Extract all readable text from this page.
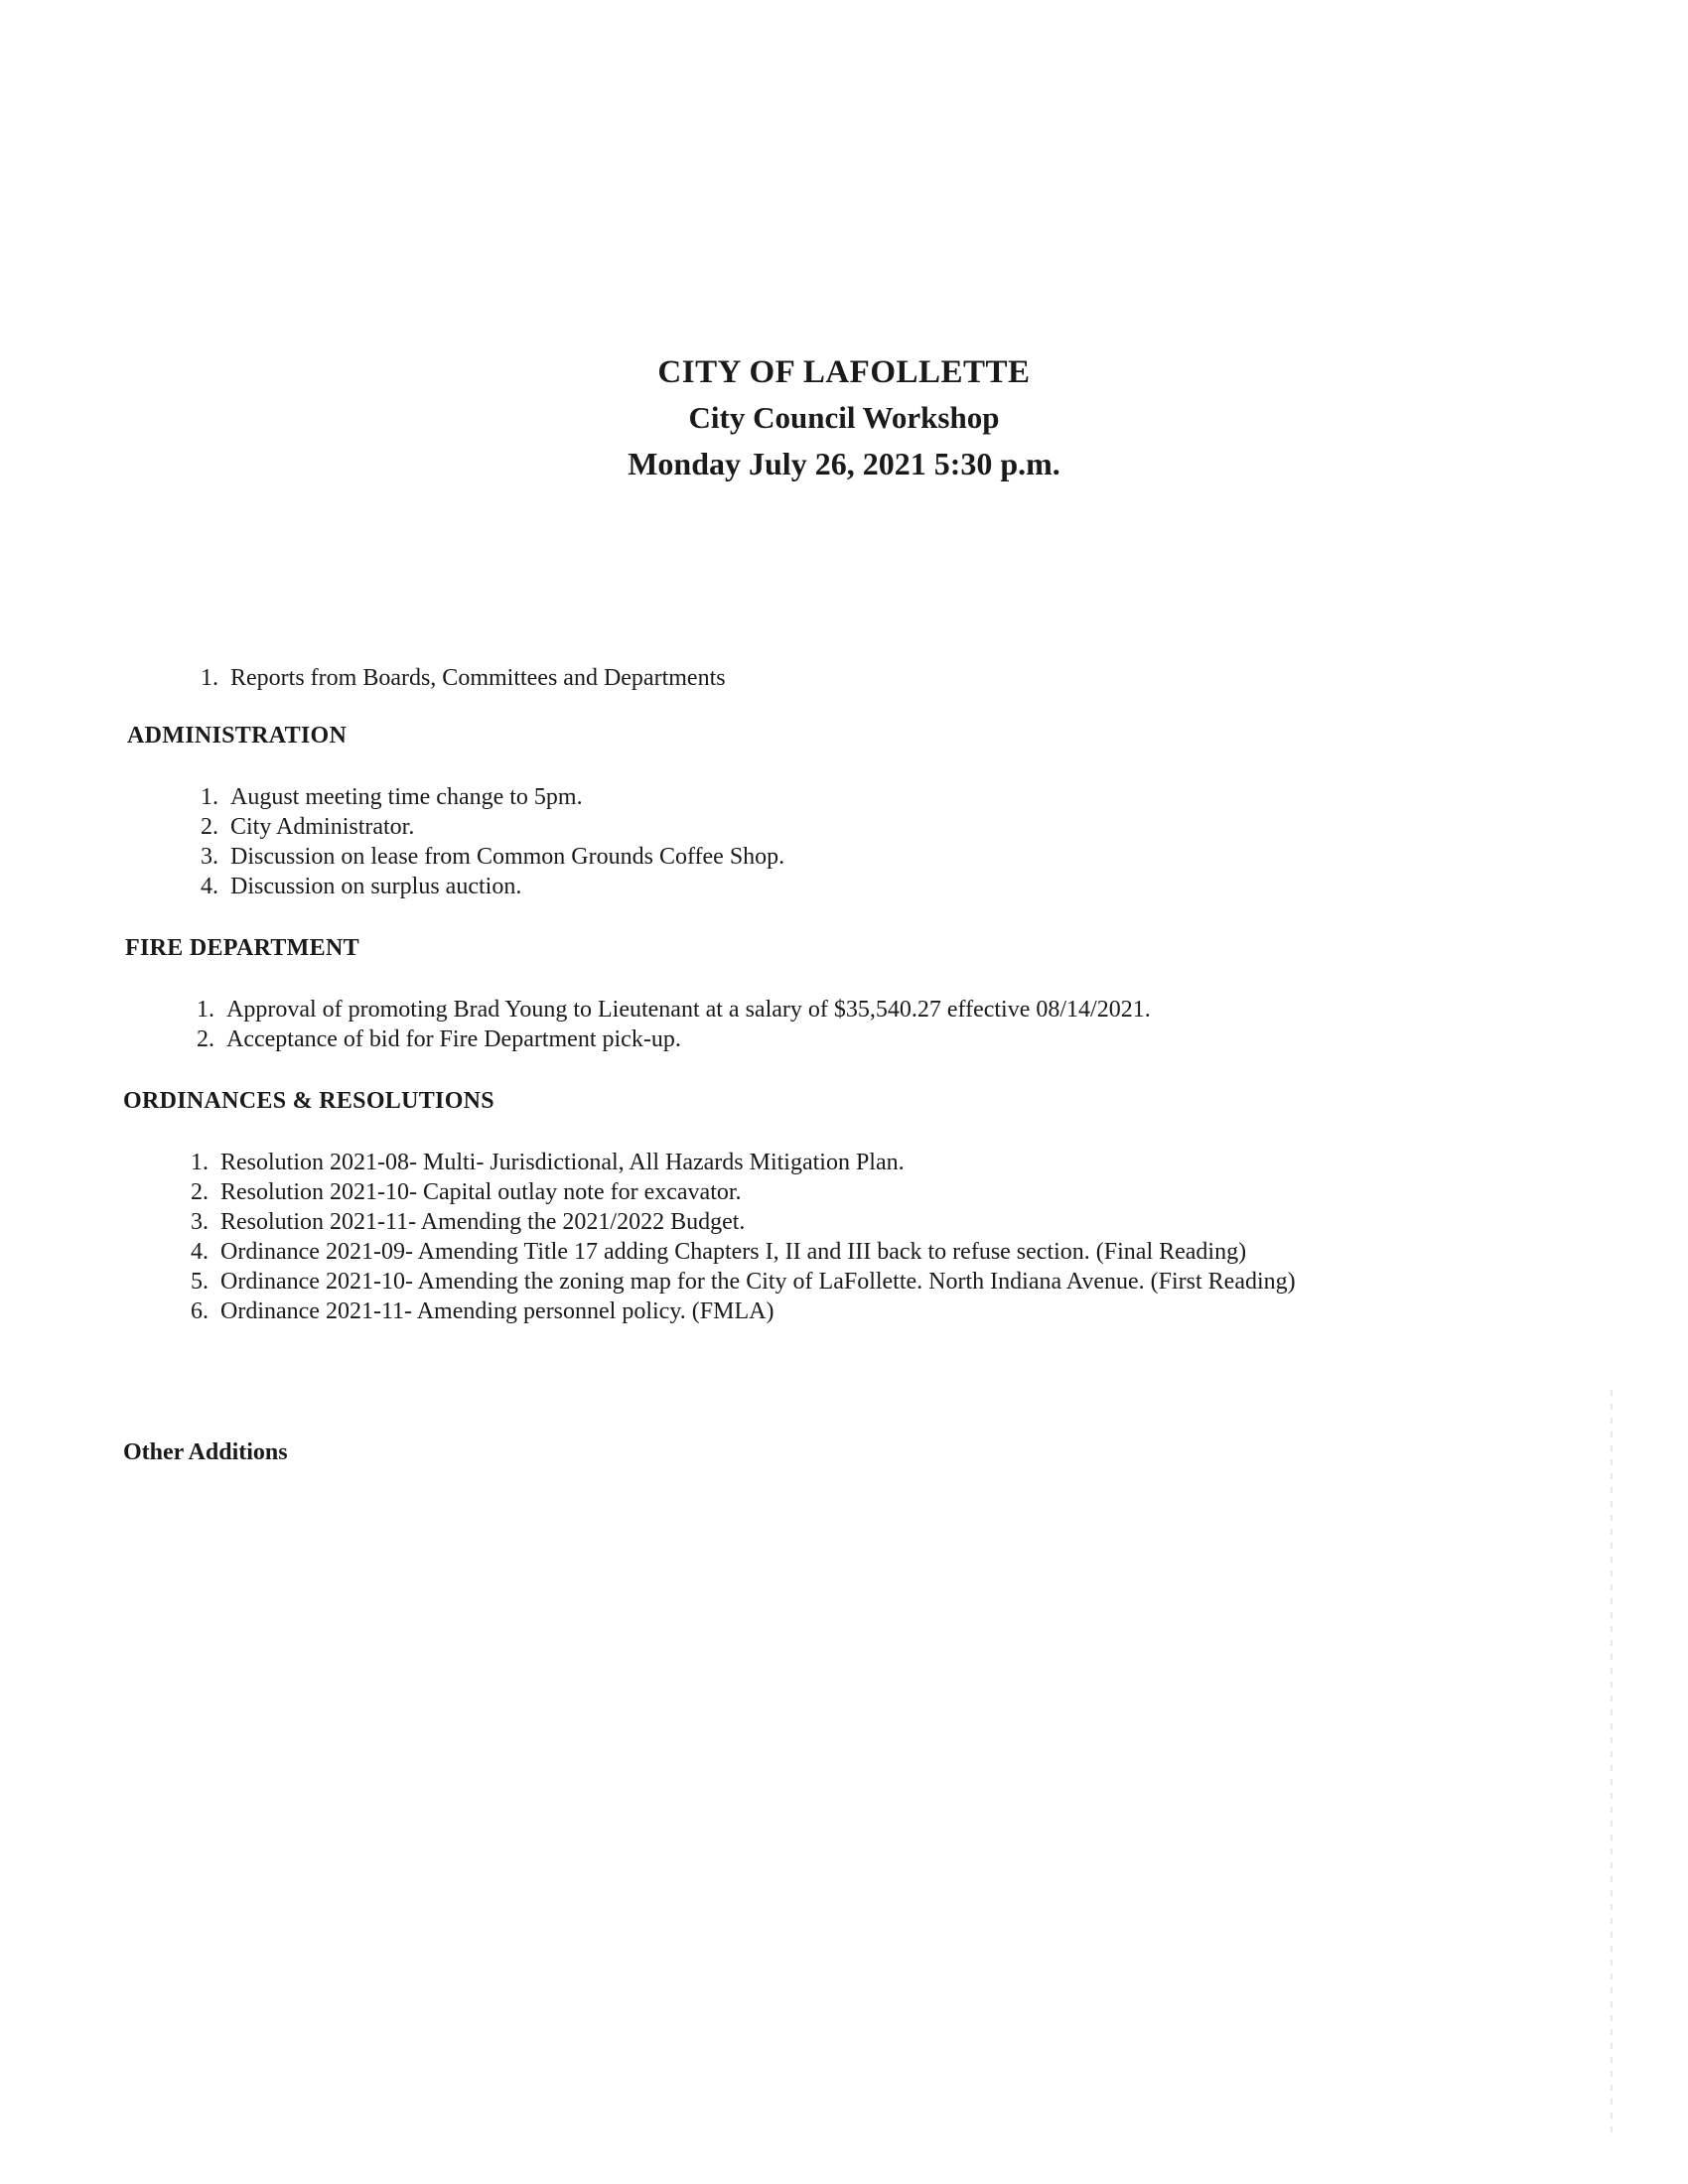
CITY OF LAFOLLETTE
City Council Workshop
Monday July 26, 2021 5:30 p.m.
1. Reports from Boards, Committees and Departments
ADMINISTRATION
1. August meeting time change to 5pm.
2. City Administrator.
3. Discussion on lease from Common Grounds Coffee Shop.
4. Discussion on surplus auction.
FIRE DEPARTMENT
1. Approval of promoting Brad Young to Lieutenant at a salary of $35,540.27 effective 08/14/2021.
2. Acceptance of bid for Fire Department pick-up.
ORDINANCES & RESOLUTIONS
1. Resolution 2021-08- Multi- Jurisdictional, All Hazards Mitigation Plan.
2. Resolution 2021-10- Capital outlay note for excavator.
3. Resolution 2021-11- Amending the 2021/2022 Budget.
4. Ordinance 2021-09- Amending Title 17 adding Chapters I, II and III back to refuse section. (Final Reading)
5. Ordinance 2021-10- Amending the zoning map for the City of LaFollette. North Indiana Avenue. (First Reading)
6. Ordinance 2021-11- Amending personnel policy. (FMLA)
Other Additions
